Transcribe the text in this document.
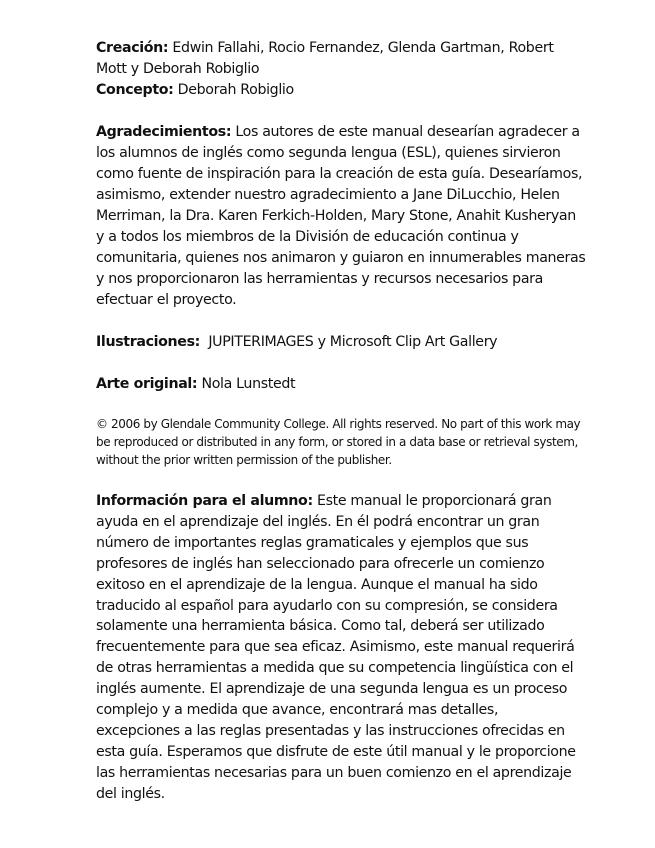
Creación: Edwin Fallahi, Rocio Fernandez, Glenda Gartman, Robert Mott y Deborah Robiglio

Concepto: Deborah Robiglio

Agradecimientos: Los autores de este manual desearían agradecer a los alumnos de inglés como segunda lengua (ESL), quienes sirvieron como fuente de inspiración para la creación de esta guía. Desearíamos, asimismo, extender nuestro agradecimiento a Jane DiLucchio, Helen Merriman, la Dra. Karen Ferkich-Holden, Mary Stone, Anahit Kusheryan y a todos los miembros de la División de educación continua y comunitaria, quienes nos animaron y guiaron en innumerables maneras y nos proporcionaron las herramientas y recursos necesarios para efectuar el proyecto.

Ilustraciones: JUPITERIMAGES y Microsoft Clip Art Gallery

Arte original: Nola Lunstedt

© 2006 by Glendale Community College. All rights reserved. No part of this work may be reproduced or distributed in any form, or stored in a data base or retrieval system, without the prior written permission of the publisher.

Información para el alumno: Este manual le proporcionará gran ayuda en el aprendizaje del inglés. En él podrá encontrar un gran número de importantes reglas gramaticales y ejemplos que sus profesores de inglés han seleccionado para ofrecerle un comienzo exitoso en el aprendizaje de la lengua. Aunque el manual ha sido traducido al español para ayudarlo con su compresión, se considera solamente una herramienta básica. Como tal, deberá ser utilizado frecuentemente para que sea eficaz. Asimismo, este manual requerirá de otras herramientas a medida que su competencia lingüística con el inglés aumente. El aprendizaje de una segunda lengua es un proceso complejo y a medida que avance, encontrará mas detalles, excepciones a las reglas presentadas y las instrucciones ofrecidas en esta guía. Esperamos que disfrute de este útil manual y le proporcione las herramientas necesarias para un buen comienzo en el aprendizaje del inglés.
